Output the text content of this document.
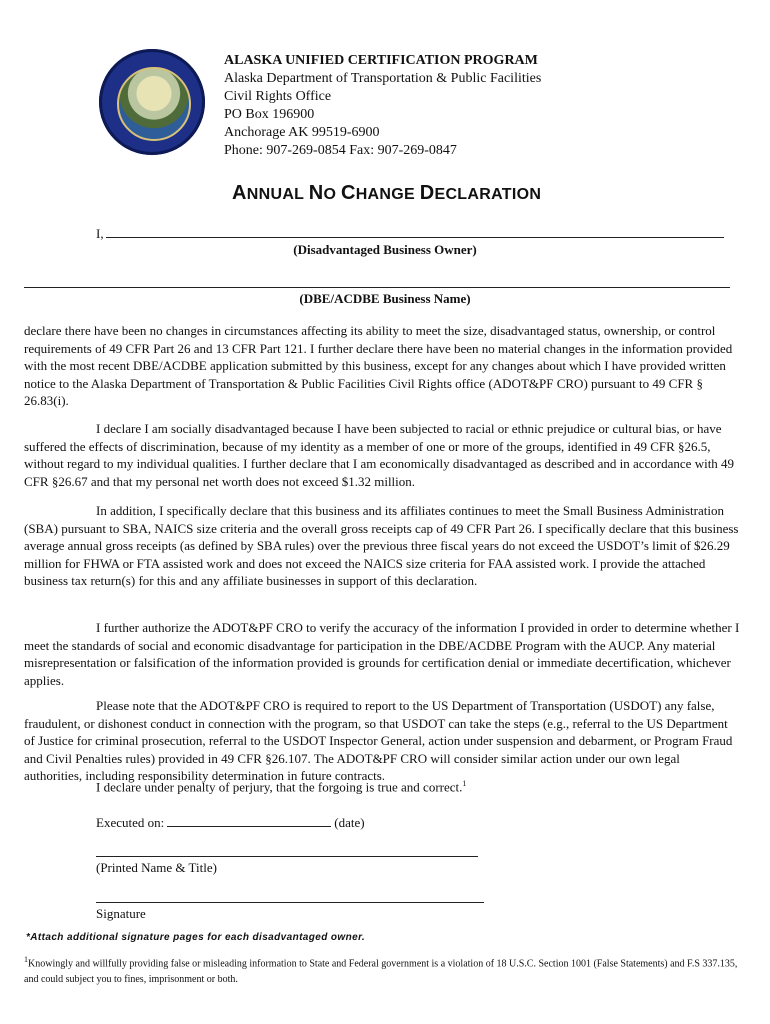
ALASKA UNIFIED CERTIFICATION PROGRAM
Alaska Department of Transportation & Public Facilities
Civil Rights Office
PO Box 196900
Anchorage AK 99519-6900
Phone: 907-269-0854 Fax: 907-269-0847
ANNUAL NO CHANGE DECLARATION
I,
(Disadvantaged Business Owner)
(DBE/ACDBE Business Name)
declare there have been no changes in circumstances affecting its ability to meet the size, disadvantaged status, ownership, or control requirements of 49 CFR Part 26 and 13 CFR Part 121. I further declare there have been no material changes in the information provided with the most recent DBE/ACDBE application submitted by this business, except for any changes about which I have provided written notice to the Alaska Department of Transportation & Public Facilities Civil Rights office (ADOT&PF CRO) pursuant to 49 CFR § 26.83(i).
I declare I am socially disadvantaged because I have been subjected to racial or ethnic prejudice or cultural bias, or have suffered the effects of discrimination, because of my identity as a member of one or more of the groups, identified in 49 CFR §26.5, without regard to my individual qualities. I further declare that I am economically disadvantaged as described and in accordance with 49 CFR §26.67 and that my personal net worth does not exceed $1.32 million.
In addition, I specifically declare that this business and its affiliates continues to meet the Small Business Administration (SBA) pursuant to SBA, NAICS size criteria and the overall gross receipts cap of 49 CFR Part 26. I specifically declare that this business average annual gross receipts (as defined by SBA rules) over the previous three fiscal years do not exceed the USDOT’s limit of $26.29 million for FHWA or FTA assisted work and does not exceed the NAICS size criteria for FAA assisted work. I provide the attached business tax return(s) for this and any affiliate businesses in support of this declaration.
I further authorize the ADOT&PF CRO to verify the accuracy of the information I provided in order to determine whether I meet the standards of social and economic disadvantage for participation in the DBE/ACDBE Program with the AUCP. Any material misrepresentation or falsification of the information provided is grounds for certification denial or immediate decertification, whichever applies.
Please note that the ADOT&PF CRO is required to report to the US Department of Transportation (USDOT) any false, fraudulent, or dishonest conduct in connection with the program, so that USDOT can take the steps (e.g., referral to the US Department of Justice for criminal prosecution, referral to the USDOT Inspector General, action under suspension and debarment, or Program Fraud and Civil Penalties rules) provided in 49 CFR §26.107. The ADOT&PF CRO will consider similar action under our own legal authorities, including responsibility determination in future contracts.
I declare under penalty of perjury, that the forgoing is true and correct.$^1$
Executed on:	(date)
(Printed Name & Title)
Signature
*Attach additional signature pages for each disadvantaged owner.
$^1$Knowingly and willfully providing false or misleading information to State and Federal government is a violation of 18 U.S.C. Section 1001 (False Statements) and F.S 337.135, and could subject you to fines, imprisonment or both.
